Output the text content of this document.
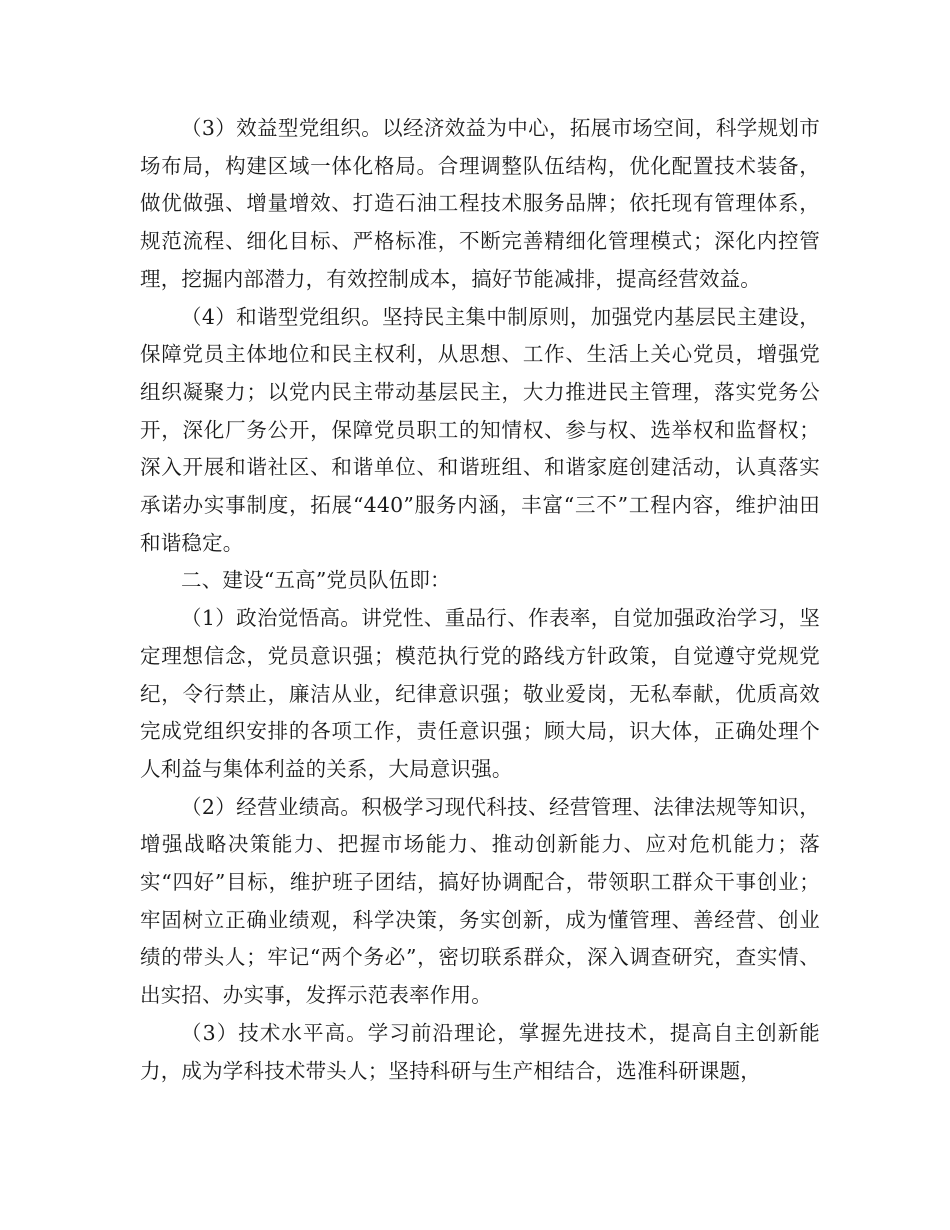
（3）效益型党组织。以经济效益为中心，拓展市场空间，科学规划市场布局，构建区域一体化格局。合理调整队伍结构，优化配置技术装备，做优做强、增量增效、打造石油工程技术服务品牌；依托现有管理体系，规范流程、细化目标、严格标准，不断完善精细化管理模式；深化内控管理，挖掘内部潜力，有效控制成本，搞好节能减排，提高经营效益。

（4）和谐型党组织。坚持民主集中制原则，加强党内基层民主建设，保障党员主体地位和民主权利，从思想、工作、生活上关心党员，增强党组织凝聚力；以党内民主带动基层民主，大力推进民主管理，落实党务公开，深化厂务公开，保障党员职工的知情权、参与权、选举权和监督权；深入开展和谐社区、和谐单位、和谐班组、和谐家庭创建活动，认真落实承诺办实事制度，拓展“440”服务内涵，丰富“三不”工程内容，维护油田和谐稳定。

二、建设“五高”党员队伍即：

（1）政治觉悟高。讲党性、重品行、作表率，自觉加强政治学习，坚定理想信念，党员意识强；模范执行党的路线方针政策，自觉遵守党规党纪，令行禁止，廉洁从业，纪律意识强；敬业爱岗，无私奉献，优质高效完成党组织安排的各项工作，责任意识强；顾大局，识大体，正确处理个人利益与集体利益的关系，大局意识强。

（2）经营业绩高。积极学习现代科技、经营管理、法律法规等知识，增强战略决策能力、把握市场能力、推动创新能力、应对危机能力；落实“四好”目标，维护班子团结，搞好协调配合，带领职工群众干事创业；牢固树立正确业绩观，科学决策，务实创新，成为懂管理、善经营、创业绩的带头人；牢记“两个务必”，密切联系群众，深入调查研究，查实情、出实招、办实事，发挥示范表率作用。

（3）技术水平高。学习前沿理论，掌握先进技术，提高自主创新能力，成为学科技术带头人；坚持科研与生产相结合，选准科研课题，
